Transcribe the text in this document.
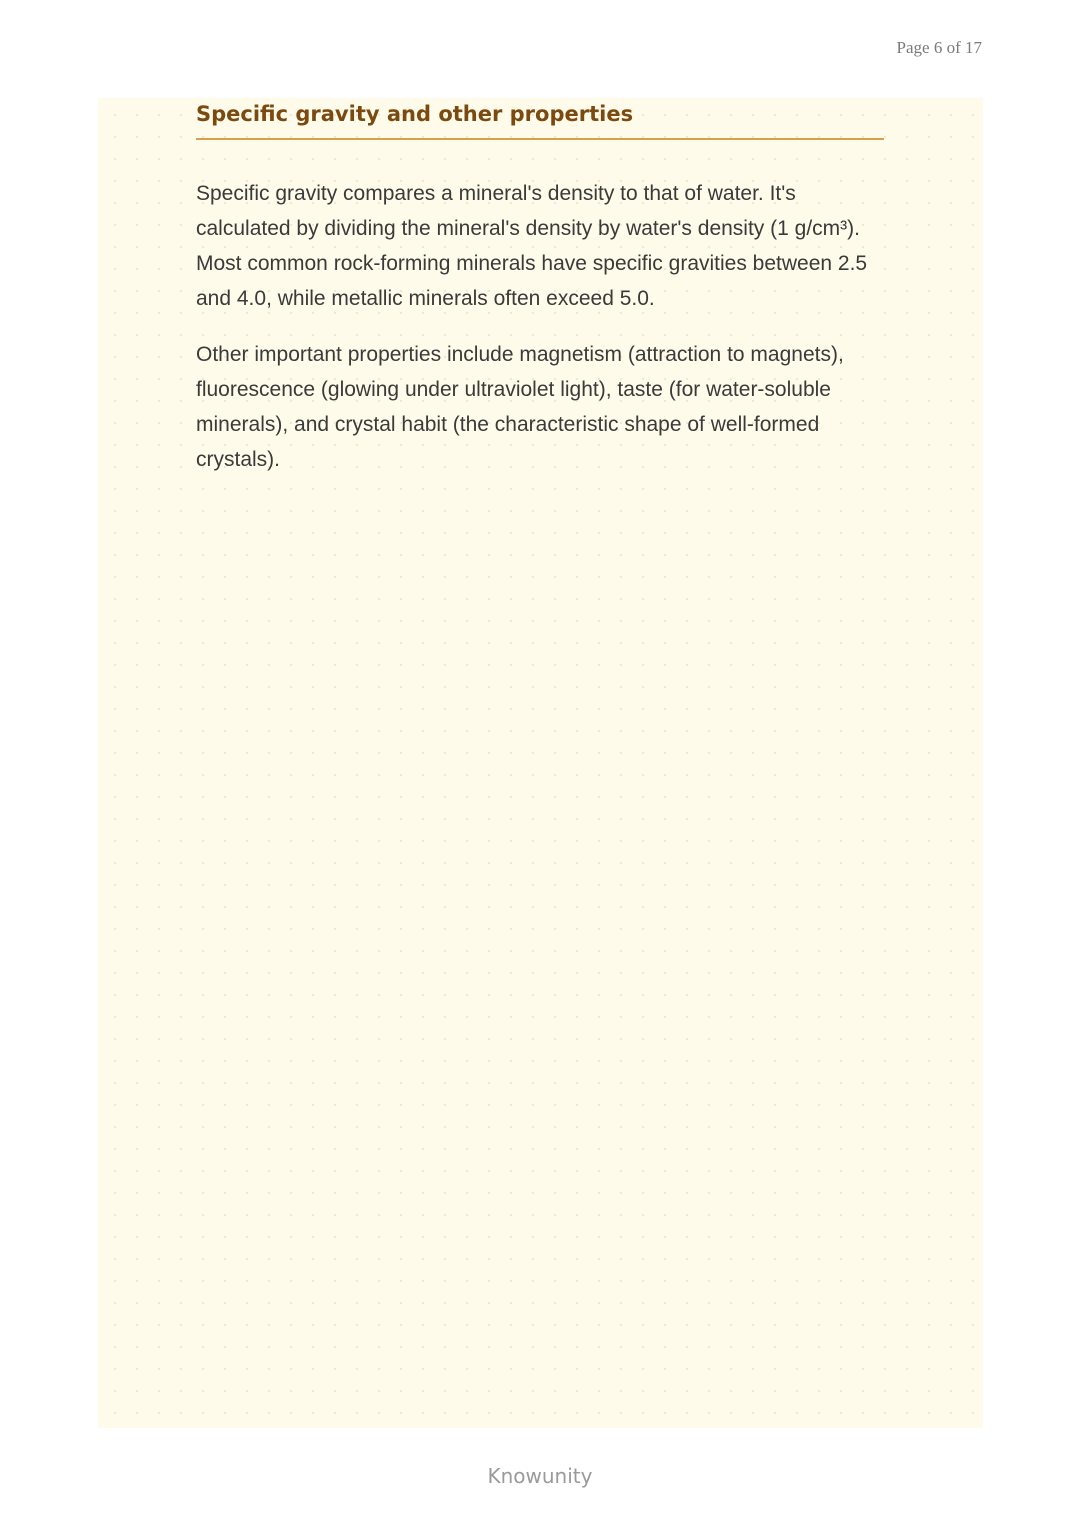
Page 6 of 17
Specific gravity and other properties

Specific gravity compares a mineral's density to that of water. It's calculated by dividing the mineral's density by water's density (1 g/cm³). Most common rock-forming minerals have specific gravities between 2.5 and 4.0, while metallic minerals often exceed 5.0.

Other important properties include magnetism (attraction to magnets), fluorescence (glowing under ultraviolet light), taste (for water-soluble minerals), and crystal habit (the characteristic shape of well-formed crystals).

Knowunity
